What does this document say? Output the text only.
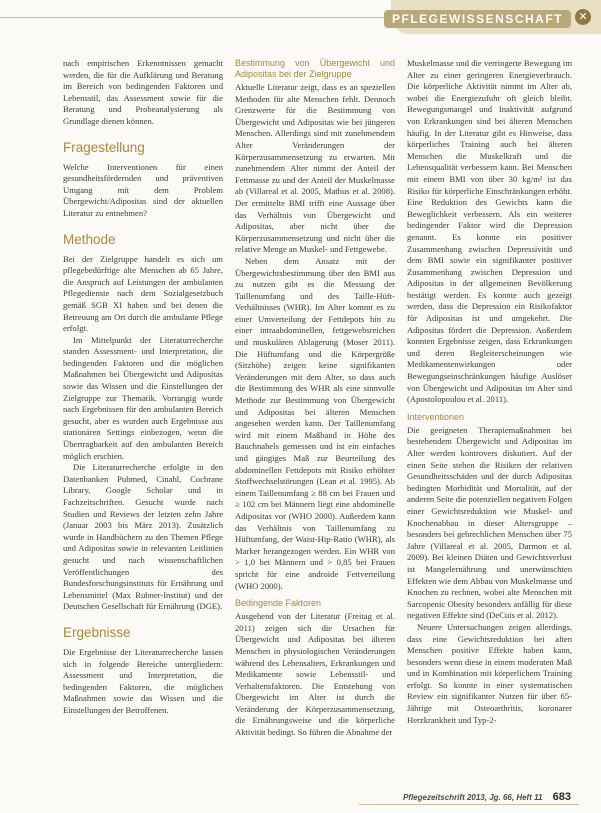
PFLEGEWISSENSCHAFT	✕

nach empirischen Erkenntnissen gemacht werden, die für die Aufklärung und Beratung im Bereich von bedingenden Faktoren und Lebensstil, das Assessment sowie für die Beratung und Probeanalysierung als Grundlage dienen können.

Fragestellung

Welche Interventionen für einen gesundheitsfördernden und präventiven Umgang mit dem Problem Übergewicht/Adipositas sind der aktuellen Literatur zu entnehmen?

Methode

Bei der Zielgruppe handelt es sich um pflegebedürftige alte Menschen ab 65 Jahre, die Anspruch auf Leistungen der ambulanten Pflegedienste nach dem Sozialgesetzbuch gemäß SGB XI haben und bei denen die Betreuung am Ort durch die ambulante Pflege erfolgt.

Im Mittelpunkt der Literaturrecherche standen Assessment- und Interpretation, die bedingenden Faktoren und die möglichen Maßnahmen bei Übergewicht und Adipositas sowie das Wissen und die Einstellungen der Zielgruppe zur Thematik. Vorrangig wurde nach Ergebnissen für den ambulanten Bereich gesucht, aber es wurden auch Ergebnisse aus stationären Settings einbezogen, wenn die Übertragbarkeit auf den ambulanten Bereich möglich erschien.

Die Literaturrecherche erfolgte in den Datenbanken Pubmed, Cinahl, Cochrane Library, Google Scholar und in Fachzeitschriften. Gesucht wurde nach Studien und Reviews der letzten zehn Jahre (Januar 2003 bis März 2013). Zusätzlich wurde in Handbüchern zu den Themen Pflege und Adipositas sowie in relevanten Leitlinien gesucht und nach wissenschaftlichen Veröffentlichungen des Bundesforschungsinstituts für Ernährung und Lebensmittel (Max Rubner-Institut) und der Deutschen Gesellschaft für Ernährung (DGE).

Ergebnisse

Die Ergebnisse der Literaturrecherche lassen sich in folgende Bereiche untergliedern: Assessment und Interpretation, die bedingenden Faktoren, die möglichen Maßnahmen sowie das Wissen und die Einstellungen der Betroffenen.

Bestimmung von Übergewicht und Adipositas bei der Zielgruppe

Aktuelle Literatur zeigt, dass es an speziellen Methoden für alte Menschen fehlt. Dennoch Grenzwerte für die Bestimmung von Übergewicht und Adipositas wie bei jüngeren Menschen. Allerdings sind mit zunehmendem Alter Veränderungen der Körperzusammensetzung zu erwarten. Mit zunehmendem Alter nimmt der Anteil der Fettmasse zu und der Anteil der Muskelmasse ab (Villareal et al. 2005, Mathus et al. 2008). Der ermittelte BMI trifft eine Aussage über das Verhältnis von Übergewicht und Adipositas, aber nicht über die Körperzusammensetzung und nicht über die relative Menge an Muskel- und Fettgewebe.

Neben dem Ansatz mit der Übergewichtsbestimmung über den BMI aus zu nutzen gibt es die Messung der Taillenumfang und des Taille-Hüft-Verhältnisses (WHR). Im Alter kommt es zu einer Umverteilung der Fettdepots hin zu einer intraabdominellen, fettgewebsreichen und muskulären Ablagerung (Moser 2011). Die Hüftumfang und die Körpergröße (Sitzhöhe) zeigen keine signifikanten Veränderungen mit dem Alter, so dass auch die Bestimmung des WHR als eine sinnvolle Methode zur Bestimmung von Übergewicht und Adipositas bei älteren Menschen angesehen werden kann. Der Taillenumfang wird mit einem Maßband in Höhe des Bauchnabels gemessen und ist ein einfaches und gängiges Maß zur Beurteilung des abdominellen Fettdepots mit Risiko erhöhter Stoffwechselstörungen (Lean et al. 1995). Ab einem Taillenumfang ≥ 88 cm bei Frauen und ≥ 102 cm bei Männern liegt eine abdominelle Adipositas vor (WHO 2000). Außerdem kann das Verhältnis von Taillenumfang zu Hüftumfang, der Waist-Hip-Ratio (WHR), als Marker herangezogen werden. Ein WHR von > 1,0 bei Männern und > 0,85 bei Frauen spricht für eine androide Fettverteilung (WHO 2000).

Bedingende Faktoren

Ausgehend von der Literatur (Freitag et al. 2011) zeigen sich die Ursachen für Übergewicht und Adipositas bei älteren Menschen in physiologischen Veränderungen während des Lebensalters, Erkrankungen und Medikamente sowie Lebensstil- und Verhaltensfaktoren. Die Entstehung von Übergewicht im Alter ist durch die Veränderung der Körperzusammensetzung, die Ernährungsweise und die körperliche Aktivität bedingt. So führen die Abnahme der

Muskelmasse und die verringerte Bewegung im Alter zu einer geringeren Energieverbrauch. Die körperliche Aktivität nimmt im Alter ab, wobei die Energiezufuhr oft gleich bleibt. Bewegungsmangel und Inaktivität aufgrund von Erkrankungen sind bei älteren Menschen häufig. In der Literatur gibt es Hinweise, dass körperliches Training auch bei älteren Menschen die Muskelkraft und die Lebensqualität verbessern kann. Bei Menschen mit einem BMI von über 30 kg/m² ist das Risiko für körperliche Einschränkungen erhöht. Eine Reduktion des Gewichts kann die Beweglichkeit verbessern. Als ein weiterer bedingender Faktor wird die Depression genannt. Es konnte ein positiver Zusammenhang zwischen Depressivität und dem BMI sowie ein signifikanter positiver Zusammenhang zwischen Depression und Adipositas in der allgemeinen Bevölkerung bestätigt werden. Es konnte auch gezeigt werden, dass die Depression ein Risikofaktor für Adipositas ist und umgekehrt. Die Adipositas fördert die Depression. Außerdem konnten Ergebnisse zeigen, dass Erkrankungen und deren Begleiterscheinungen wie Medikamentenwirkungen oder Bewegungseinschränkungen häufige Auslöser von Übergewicht und Adipositas im Alter sind (Apostolopoulou et al. 2011).

Interventionen

Die geeigneten Therapiemaßnahmen bei bestehendem Übergewicht und Adipositas im Alter werden kontrovers diskutiert. Auf der einen Seite stehen die Risiken der relativen Gesundheitsschäden und der durch Adipositas bedingten Morbidität und Mortalität, auf der anderen Seite die potenziellen negativen Folgen einer Gewichtsreduktion wie Muskel- und Knochenabbau in dieser Altersgruppe – besonders bei gebrechlichen Menschen über 75 Jahre (Villareal et al. 2005, Darmon et al. 2009). Bei kleinen Diäten und Gewichtsverlust ist Mangelernährung und unerwünschten Effekten wie dem Abbau von Muskelmasse und Knochen zu rechnen, wobei alte Menschen mit Sarcopenic Obesity besonders anfällig für diese negativen Effekte sind (DeCuis et al. 2012).

Neuere Untersuchungen zeigen allerdings, dass eine Gewichtsreduktion bei alten Menschen positive Effekte haben kann, besonders wenn diese in einem moderaten Maß und in Kombination mit körperlichem Training erfolgt. So konnte in einer systematischen Review ein signifikanter Nutzen für über 65-Jährige mit Osteoarthritis, koronarer Herzkrankheit und Typ-2-

Pflegezeitschrift 2013, Jg. 66, Heft 11 683
